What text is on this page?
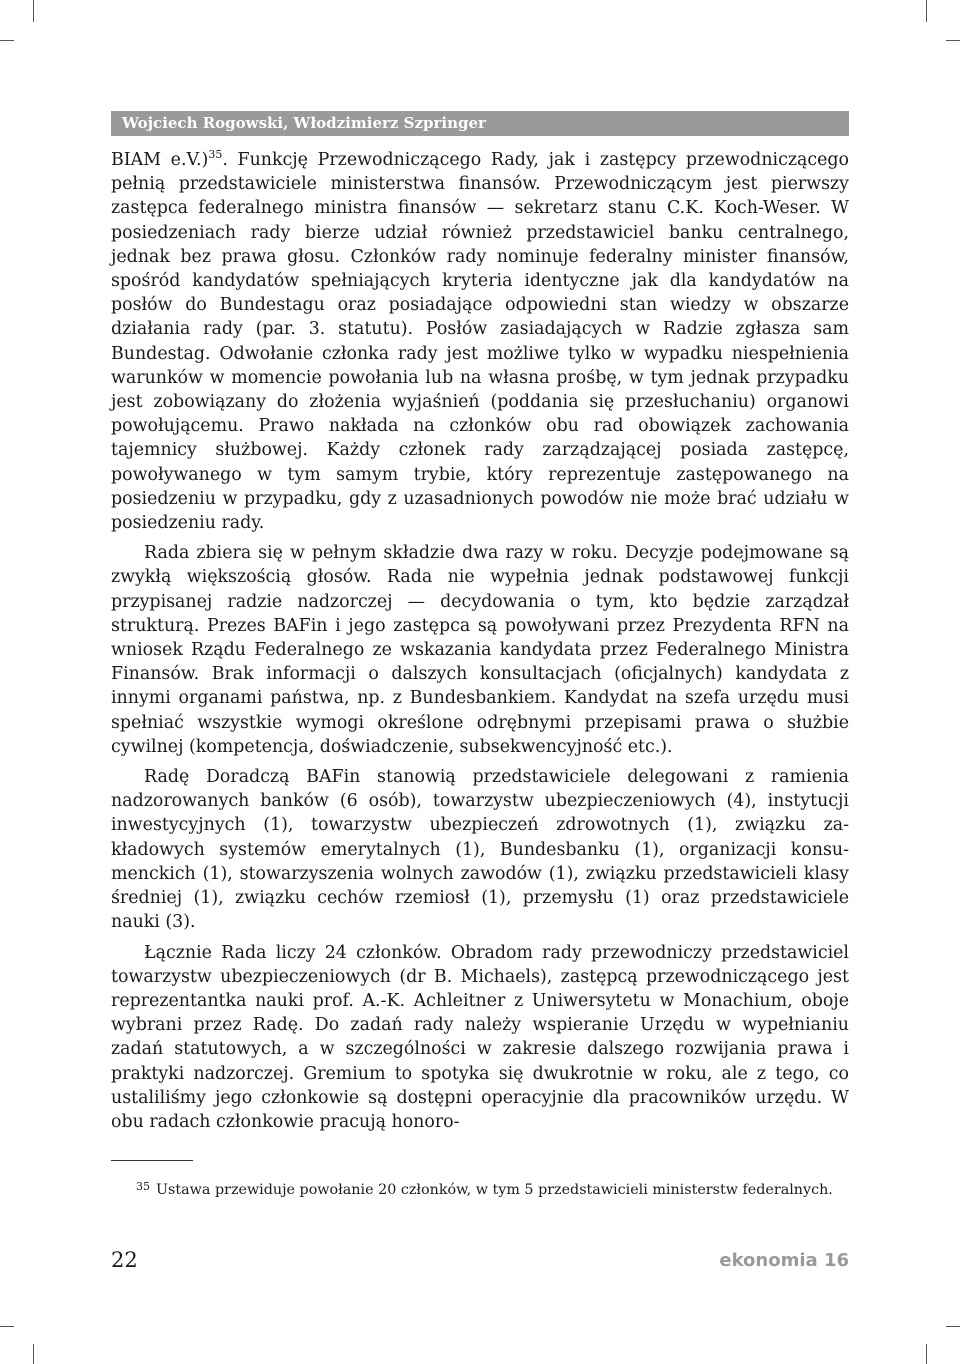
Wojciech Rogowski, Włodzimierz Szpringer

BIAM e.V.)$^{35}$. Funkcję Przewodniczącego Rady, jak i zastępcy przewodniczącego pełnią przedstawiciele ministerstwa finansów. Przewodniczącym jest pierwszy zastępca federalnego ministra finansów — sekretarz stanu C.K. Koch-Weser. W posiedzeniach rady bierze udział również przedstawiciel banku centralnego, jednak bez prawa głosu. Członków rady nominuje federalny minister finansów, spośród kandydatów spełniających kryteria identyczne jak dla kandydatów na posłów do Bundestagu oraz posiadające odpowiedni stan wiedzy w obszarze działania rady (par. 3. statutu). Posłów zasiadających w Radzie zgłasza sam Bundestag. Odwołanie członka rady jest możliwe tylko w wypadku niespełnienia warunków w momencie powołania lub na własna prośbę, w tym jednak przypadku jest zobowiązany do złożenia wyjaśnień (poddania się przesłuchaniu) organowi powołującemu. Prawo nakłada na członków obu rad obowiązek zachowania tajemnicy służbowej. Każdy członek rady zarządzającej posiada zastępcę, powoływanego w tym samym trybie, który reprezentuje zastępowanego na posiedzeniu w przypadku, gdy z uzasadnionych powodów nie może brać udziału w posiedzeniu rady.

Rada zbiera się w pełnym składzie dwa razy w roku. Decyzje podejmowane są zwykłą większością głosów. Rada nie wypełnia jednak podstawowej funkcji przypisanej radzie nadzorczej — decydowania o tym, kto będzie zarządzał strukturą. Prezes BAFin i jego zastępca są powoływani przez Prezydenta RFN na wniosek Rządu Federalnego ze wskazania kandydata przez Federalnego Ministra Finansów. Brak informacji o dalszych konsultacjach (oficjalnych) kandydata z innymi organami państwa, np. z Bundesbankiem. Kandydat na szefa urzędu musi spełniać wszystkie wymogi określone odrębnymi przepisami prawa o służbie cywilnej (kompetencja, doświadczenie, subsekwencyjność etc.).

Radę Doradczą BAFin stanowią przedstawiciele delegowani z ramienia nadzorowanych banków (6 osób), towarzystw ubezpieczeniowych (4), instytucji inwestycyjnych (1), towarzystw ubezpieczeń zdrowotnych (1), związku zakładowych systemów emerytalnych (1), Bundesbanku (1), organizacji konsumenckich (1), stowarzyszenia wolnych zawodów (1), związku przedstawicieli klasy średniej (1), związku cechów rzemiosł (1), przemysłu (1) oraz przedstawiciele nauki (3).

Łącznie Rada liczy 24 członków. Obradom rady przewodniczy przedstawiciel towarzystw ubezpieczeniowych (dr B. Michaels), zastępcą przewodniczącego jest reprezentantka nauki prof. A.-K. Achleitner z Uniwersytetu w Monachium, oboje wybrani przez Radę. Do zadań rady należy wspieranie Urzędu w wypełnianiu zadań statutowych, a w szczególności w zakresie dalszego rozwijania prawa i praktyki nadzorczej. Gremium to spotyka się dwukrotnie w roku, ale z tego, co ustaliliśmy jego członkowie są dostępni operacyjnie dla pracowników urzędu. W obu radach członkowie pracują honoro-

35 Ustawa przewiduje powołanie 20 członków, w tym 5 przedstawicieli ministerstw federalnych.
22	ekonomia 16
